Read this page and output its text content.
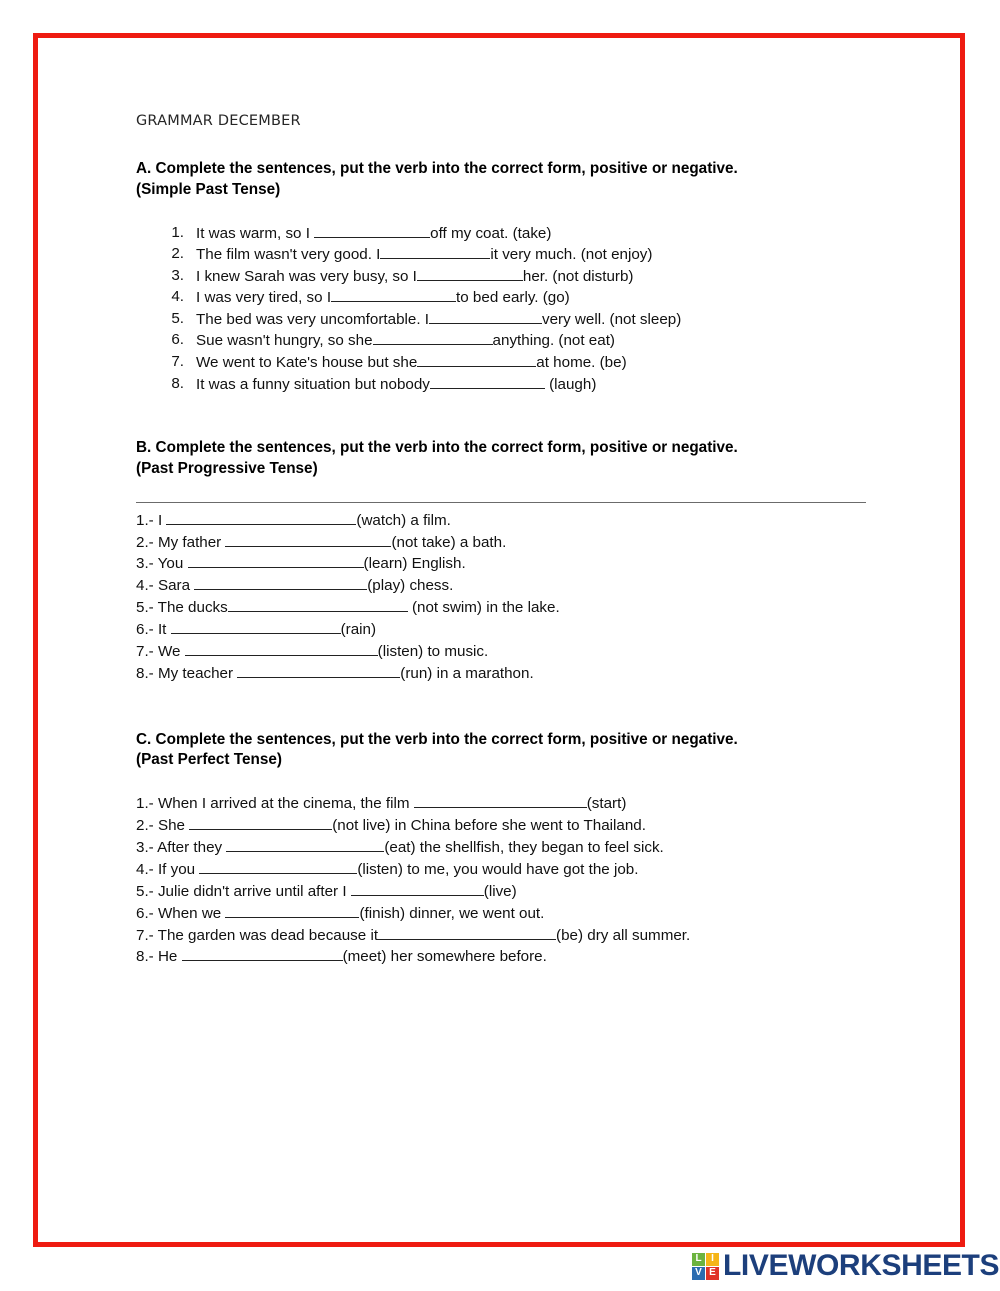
GRAMMAR DECEMBER
A. Complete the sentences, put the verb into the correct form, positive or negative.
(Simple Past Tense)
1. It was warm, so I	off my coat. (take)
2. The film wasn't very good. I	it very much. (not enjoy)
3. I knew Sarah was very busy, so I	her. (not disturb)
4. I was very tired, so I	to bed early. (go)
5. The bed was very uncomfortable. I	very well. (not sleep)
6. Sue wasn't hungry, so she	anything. (not eat)
7. We went to Kate's house but she	at home. (be)
8. It was a funny situation but nobody	(laugh)
B. Complete the sentences, put the verb into the correct form, positive or negative.
(Past Progressive Tense)
1.- I	(watch) a film.
2.- My father	(not take) a bath.
3.- You	(learn) English.
4.- Sara	(play) chess.
5.- The ducks	(not swim) in the lake.
6.- It	(rain)
7.- We	(listen) to music.
8.- My teacher	(run) in a marathon.
C. Complete the sentences, put the verb into the correct form, positive or negative.
(Past Perfect Tense)
1.- When I arrived at the cinema, the film	(start)
2.- She	(not live) in China before she went to Thailand.
3.- After they	(eat) the shellfish, they began to feel sick.
4.- If you	(listen) to me, you would have got the job.
5.- Julie didn't arrive until after I	(live)
6.- When we	(finish) dinner, we went out.
7.- The garden was dead because it	(be) dry all summer.
8.- He	(meet) her somewhere before.
L I
V E LIVEWORKSHEETS
